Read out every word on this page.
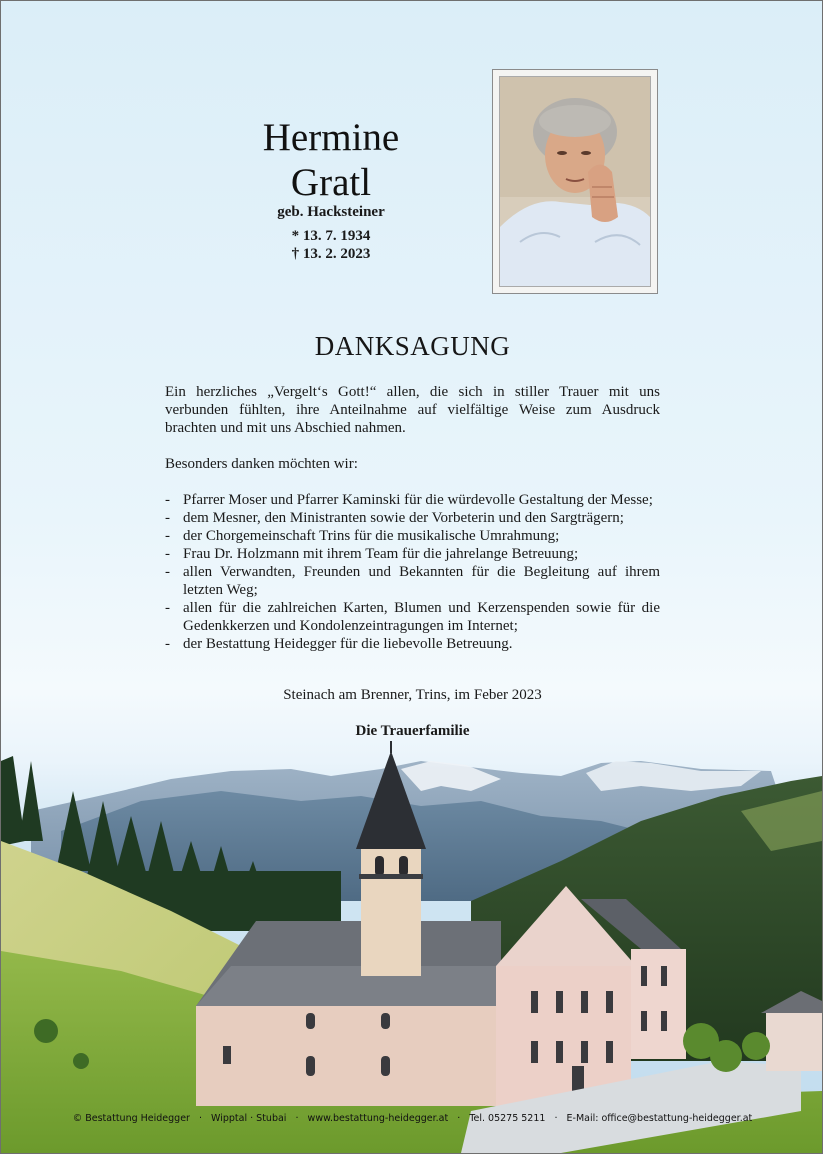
Hermine
Gratl
geb. Hacksteiner
* 13. 7. 1934
† 13. 2. 2023
DANKSAGUNG
Ein herzliches „Vergelt‘s Gott!“ allen, die sich in stiller Trauer mit uns
verbunden fühlten, ihre Anteilnahme auf vielfältige Weise zum Ausdruck
brachten und mit uns Abschied nahmen.
Besonders danken möchten wir:
- Pfarrer Moser und Pfarrer Kaminski für die würdevolle Gestaltung der Messe;
- dem Mesner, den Ministranten sowie der Vorbeterin und den Sargträgern;
- der Chorgemeinschaft Trins für die musikalische Umrahmung;
- Frau Dr. Holzmann mit ihrem Team für die jahrelange Betreuung;
- allen Verwandten, Freunden und Bekannten für die Begleitung auf ihrem letzten Weg;
- allen für die zahlreichen Karten, Blumen und Kerzenspenden sowie für die Gedenkkerzen und Kondolenzeintragungen im Internet;
- der Bestattung Heidegger für die liebevolle Betreuung.
Steinach am Brenner, Trins, im Feber 2023
Die Trauerfamilie
© Bestattung Heidegger · Wipptal · Stubai · www.bestattung-heidegger.at · Tel. 05275 5211 · E-Mail: office@bestattung-heidegger.at
